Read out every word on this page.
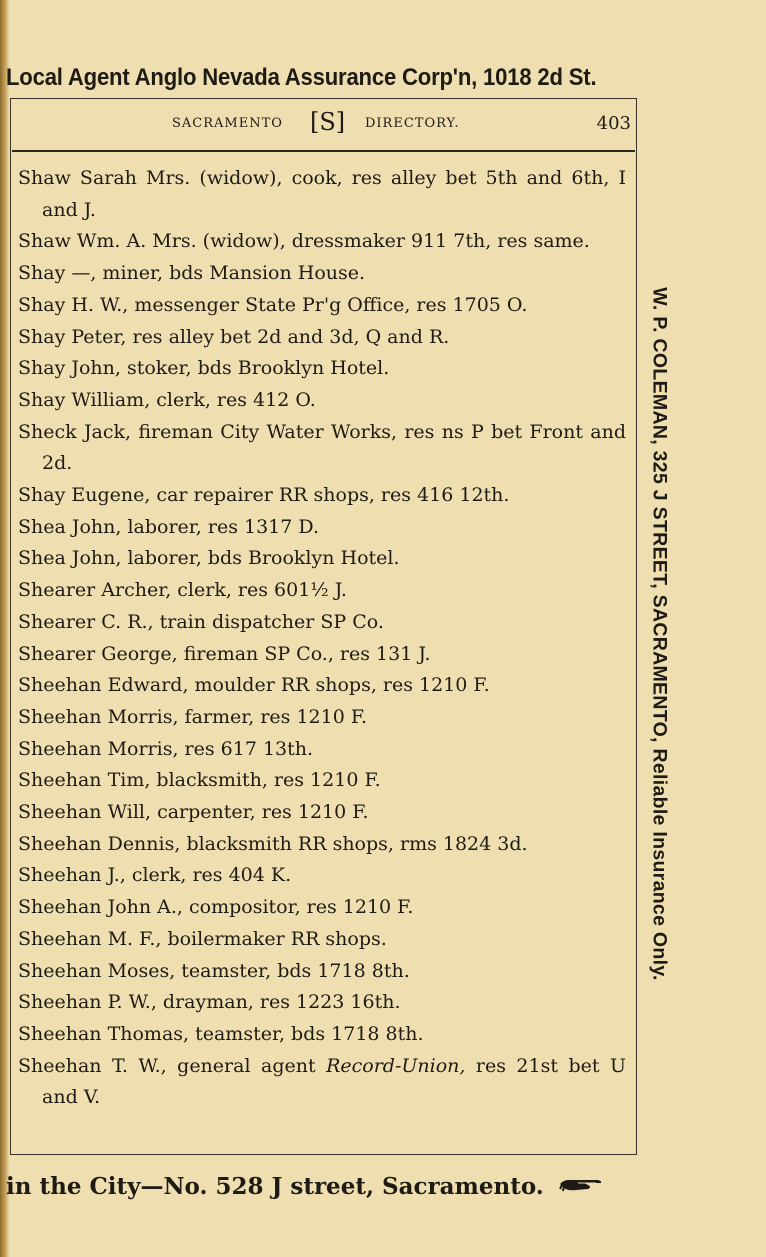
Local Agent Anglo Nevada Assurance Corp'n, 1018 2d St.
SACRAMENTO [S] DIRECTORY.	403
Shaw Sarah Mrs. (widow), cook, res alley bet 5th and 6th, I and J.
Shaw Wm. A. Mrs. (widow), dressmaker 911 7th, res same.
Shay —, miner, bds Mansion House.
Shay H. W., messenger State Pr'g Office, res 1705 O.
Shay Peter, res alley bet 2d and 3d, Q and R.
Shay John, stoker, bds Brooklyn Hotel.
Shay William, clerk, res 412 O.
Sheck Jack, fireman City Water Works, res ns P bet Front and 2d.
Shay Eugene, car repairer RR shops, res 416 12th.
Shea John, laborer, res 1317 D.
Shea John, laborer, bds Brooklyn Hotel.
Shearer Archer, clerk, res 601½ J.
Shearer C. R., train dispatcher SP Co.
Shearer George, fireman SP Co., res 131 J.
Sheehan Edward, moulder RR shops, res 1210 F.
Sheehan Morris, farmer, res 1210 F.
Sheehan Morris, res 617 13th.
Sheehan Tim, blacksmith, res 1210 F.
Sheehan Will, carpenter, res 1210 F.
Sheehan Dennis, blacksmith RR shops, rms 1824 3d.
Sheehan J., clerk, res 404 K.
Sheehan John A., compositor, res 1210 F.
Sheehan M. F., boilermaker RR shops.
Sheehan Moses, teamster, bds 1718 8th.
Sheehan P. W., drayman, res 1223 16th.
Sheehan Thomas, teamster, bds 1718 8th.
Sheehan T. W., general agent Record-Union, res 21st bet U and V.
W. P. COLEMAN, 325 J STREET, SACRAMENTO, Reliable Insurance Only.
in the City—No. 528 J street, Sacramento.
